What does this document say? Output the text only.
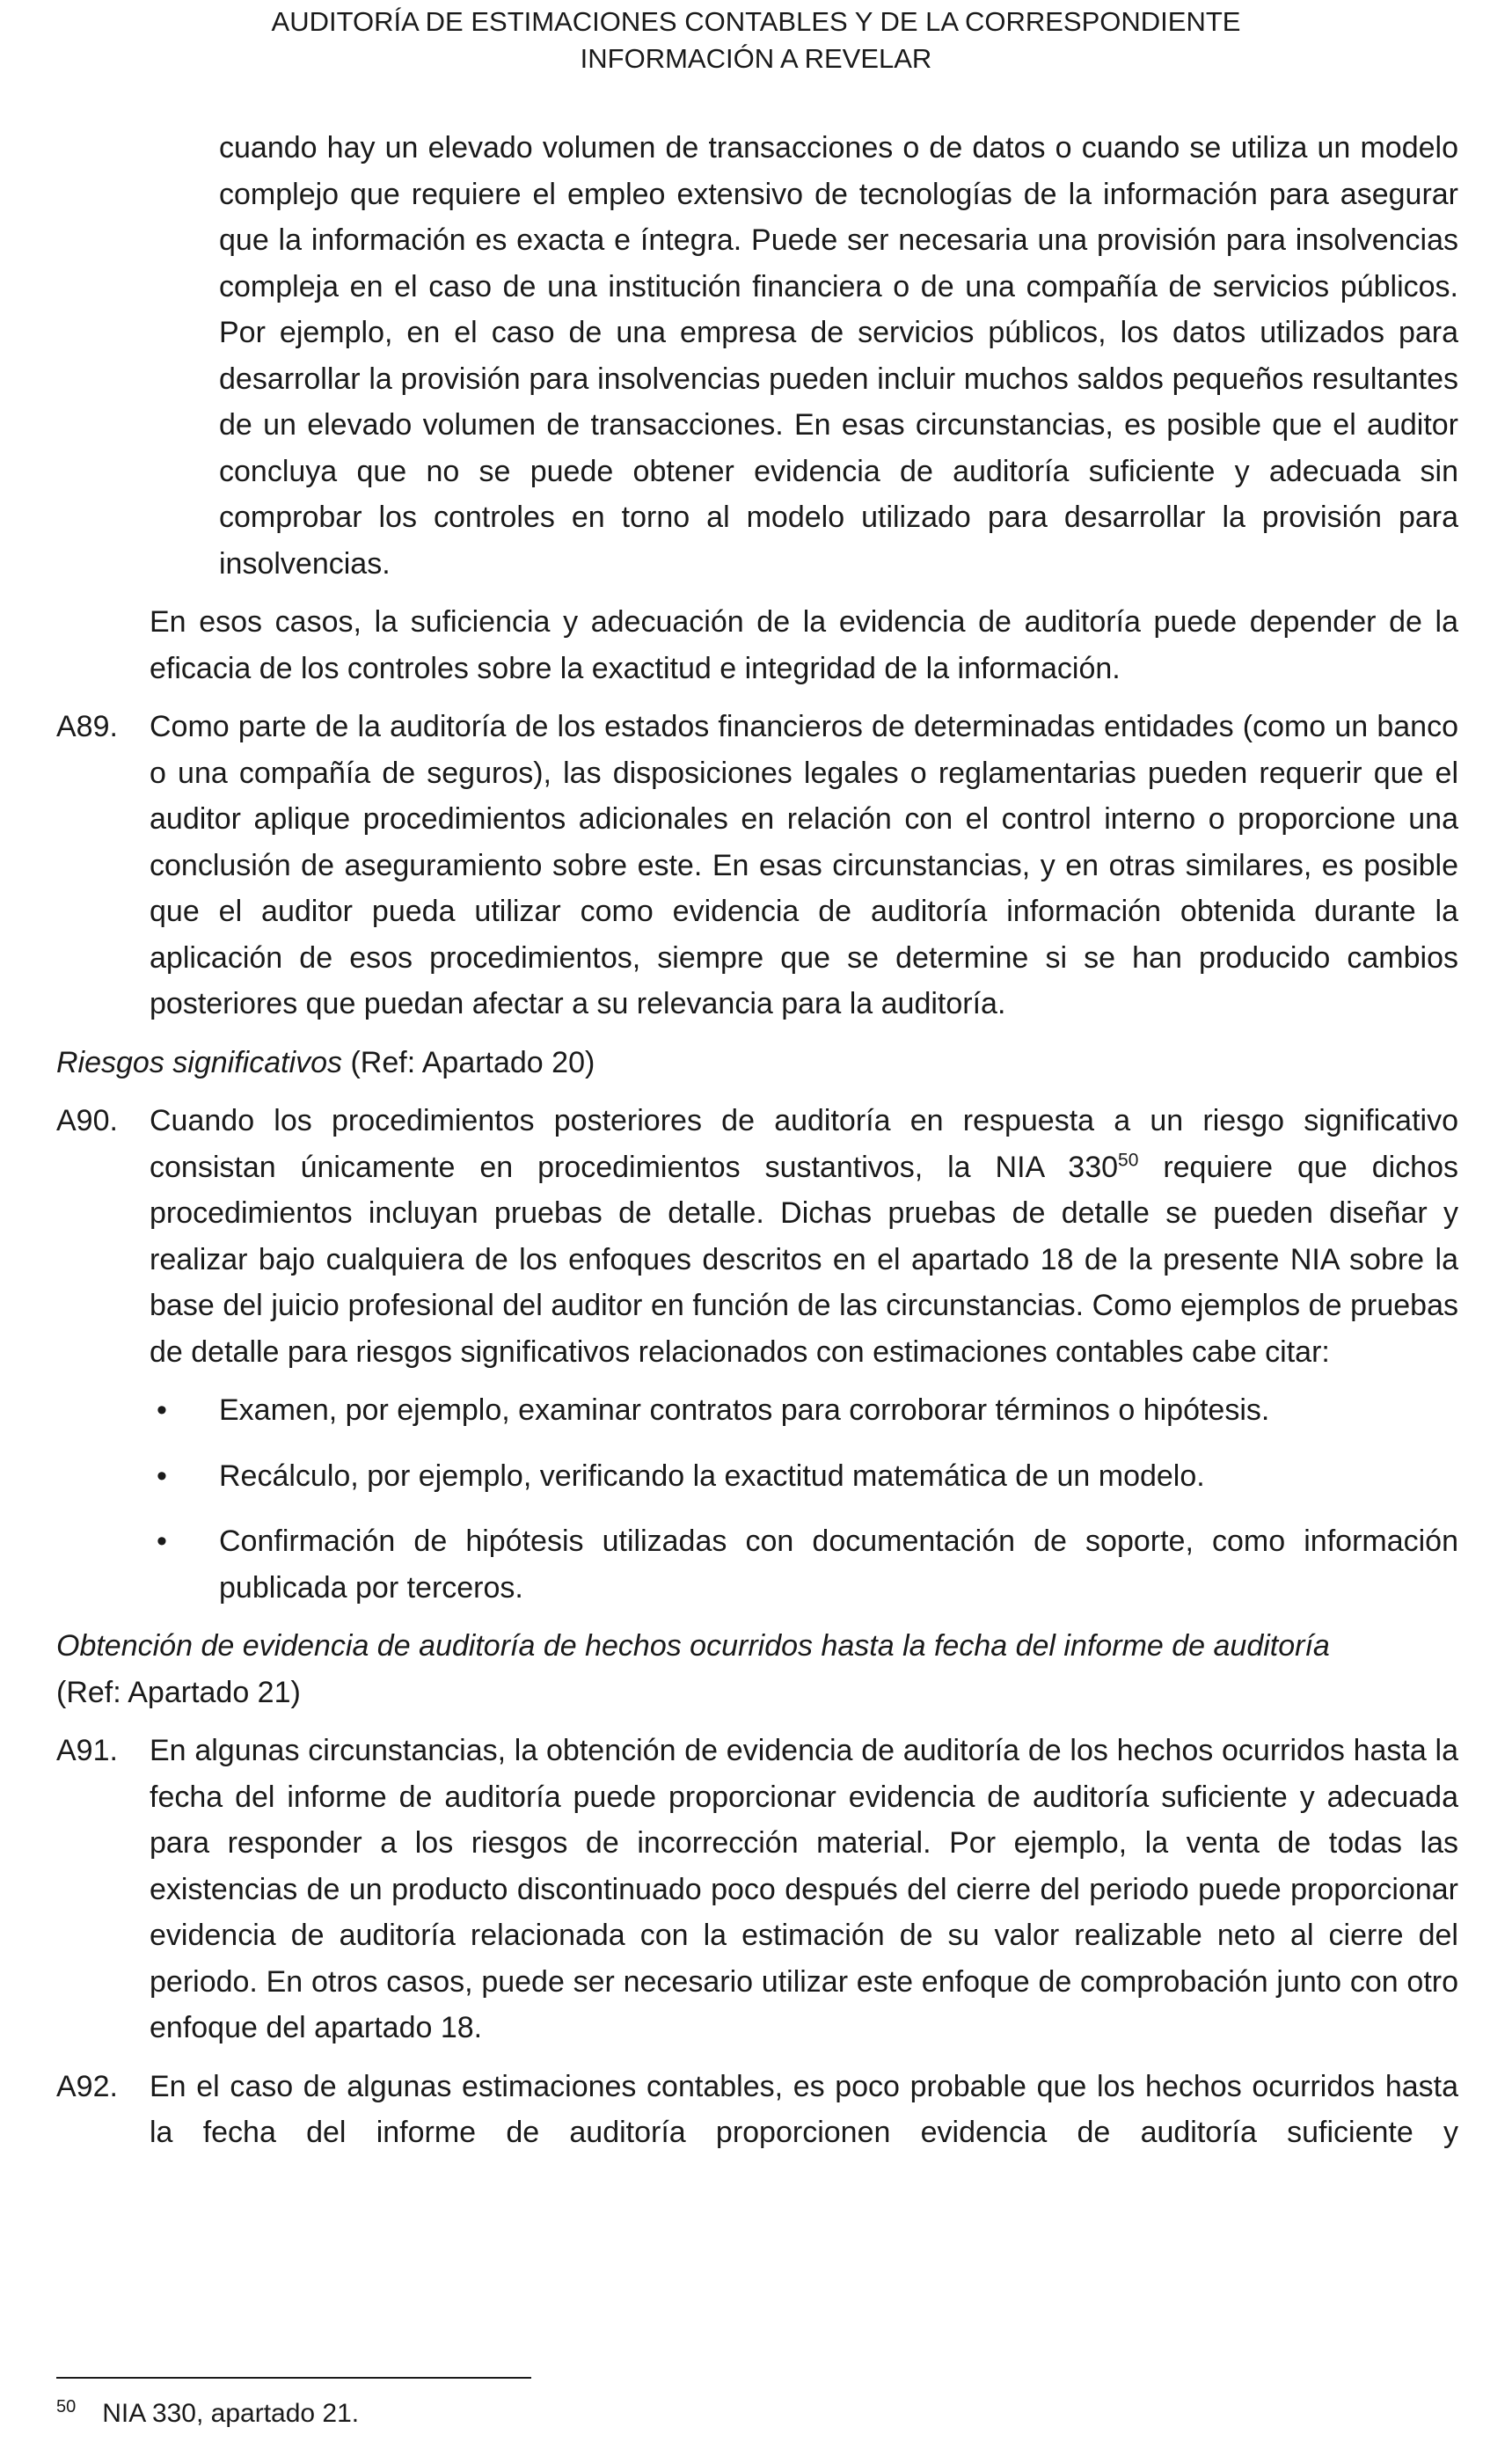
AUDITORÍA DE ESTIMACIONES CONTABLES Y DE LA CORRESPONDIENTE
INFORMACIÓN A REVELAR

cuando hay un elevado volumen de transacciones o de datos o cuando se utiliza un modelo complejo que requiere el empleo extensivo de tecnologías de la información para asegurar que la información es exacta e íntegra. Puede ser necesaria una provisión para insolvencias compleja en el caso de una institución financiera o de una compañía de servicios públicos. Por ejemplo, en el caso de una empresa de servicios públicos, los datos utilizados para desarrollar la provisión para insolvencias pueden incluir muchos saldos pequeños resultantes de un elevado volumen de transacciones. En esas circunstancias, es posible que el auditor concluya que no se puede obtener evidencia de auditoría suficiente y adecuada sin comprobar los controles en torno al modelo utilizado para desarrollar la provisión para insolvencias.

En esos casos, la suficiencia y adecuación de la evidencia de auditoría puede depender de la eficacia de los controles sobre la exactitud e integridad de la información.

A89. Como parte de la auditoría de los estados financieros de determinadas entidades (como un banco o una compañía de seguros), las disposiciones legales o reglamentarias pueden requerir que el auditor aplique procedimientos adicionales en relación con el control interno o proporcione una conclusión de aseguramiento sobre este. En esas circunstancias, y en otras similares, es posible que el auditor pueda utilizar como evidencia de auditoría información obtenida durante la aplicación de esos procedimientos, siempre que se determine si se han producido cambios posteriores que puedan afectar a su relevancia para la auditoría.

Riesgos significativos (Ref: Apartado 20)

A90. Cuando los procedimientos posteriores de auditoría en respuesta a un riesgo significativo consistan únicamente en procedimientos sustantivos, la NIA $330^{50}$ requiere que dichos procedimientos incluyan pruebas de detalle. Dichas pruebas de detalle se pueden diseñar y realizar bajo cualquiera de los enfoques descritos en el apartado 18 de la presente NIA sobre la base del juicio profesional del auditor en función de las circunstancias. Como ejemplos de pruebas de detalle para riesgos significativos relacionados con estimaciones contables cabe citar:

• Examen, por ejemplo, examinar contratos para corroborar términos o hipótesis.

• Recálculo, por ejemplo, verificando la exactitud matemática de un modelo.

• Confirmación de hipótesis utilizadas con documentación de soporte, como información publicada por terceros.

Obtención de evidencia de auditoría de hechos ocurridos hasta la fecha del informe de auditoría
(Ref: Apartado 21)

A91. En algunas circunstancias, la obtención de evidencia de auditoría de los hechos ocurridos hasta la fecha del informe de auditoría puede proporcionar evidencia de auditoría suficiente y adecuada para responder a los riesgos de incorrección material. Por ejemplo, la venta de todas las existencias de un producto discontinuado poco después del cierre del periodo puede proporcionar evidencia de auditoría relacionada con la estimación de su valor realizable neto al cierre del periodo. En otros casos, puede ser necesario utilizar este enfoque de comprobación junto con otro enfoque del apartado 18.

A92. En el caso de algunas estimaciones contables, es poco probable que los hechos ocurridos hasta la fecha del informe de auditoría proporcionen evidencia de auditoría suficiente y

$^{50}$ NIA 330, apartado 21.
